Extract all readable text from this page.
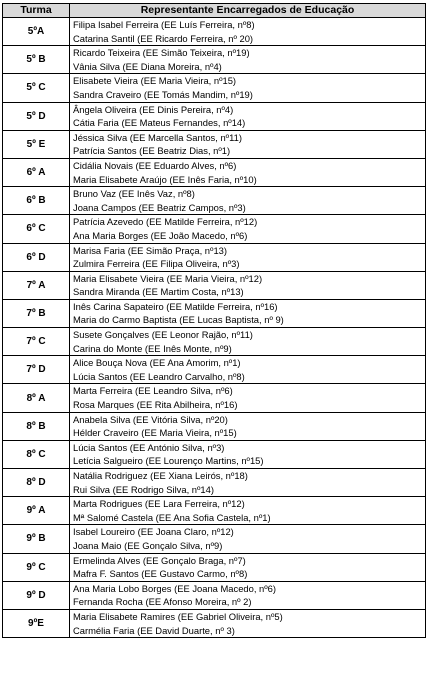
Turma	Representante Encarregados de Educação
5ºA	Filipa Isabel Ferreira (EE Luís Ferreira, nº8)
Catarina Santil (EE Ricardo Ferreira, nº 20)

5º B	Ricardo Teixeira (EE Simão Teixeira, nº19)
Vânia Silva (EE Diana Moreira, nº4)

5º C	Elisabete Vieira (EE Maria Vieira, nº15)
Sandra Craveiro (EE Tomás Mandim, nº19)

5º D	Ângela Oliveira (EE Dinis Pereira, nº4)
Cátia Faria (EE Mateus Fernandes, nº14)

5º E	Jéssica Silva (EE Marcella Santos, nº11)
Patrícia Santos (EE Beatriz Dias, nº1)

6º A	Cidália Novais (EE Eduardo Alves, nº6)
Maria Elisabete Araújo (EE Inês Faria, nº10)

6º B	Bruno Vaz (EE Inês Vaz, nº8)
Joana Campos (EE Beatriz Campos, nº3)

6º C	Patrícia Azevedo (EE Matilde Ferreira, nº12)
Ana Maria Borges (EE João Macedo, nº6)

6º D	Marisa Faria (EE Simão Praça, nº13)
Zulmira Ferreira (EE Filipa Oliveira, nº3)

7º A	Maria Elisabete Vieira (EE Maria Vieira, nº12)
Sandra Miranda (EE Martim Costa, nº13)

7º B	Inês Carina Sapateiro (EE Matilde Ferreira, nº16)
Maria do Carmo Baptista (EE Lucas Baptista, nº 9)

7º C	Susete Gonçalves (EE Leonor Rajão, nº11)
Carina do Monte (EE Inês Monte, nº9)

7º D	Alice Bouça Nova (EE Ana Amorim, nº1)
Lúcia Santos (EE Leandro Carvalho, nº8)

8º A	Marta Ferreira (EE Leandro Silva, nº6)
Rosa Marques (EE Rita Abilheira, nº16)

8º B	Anabela Silva (EE Vitória Silva, nº20)
Hélder Craveiro (EE Maria Vieira, nº15)

8º C	Lúcia Santos (EE António Silva, nº3)
Letícia Salgueiro (EE Lourenço Martins, nº15)

8º D	Natália Rodriguez (EE Xiana Leirós, nº18)
Rui Silva (EE Rodrigo Silva, nº14)

9º A	Marta Rodrigues (EE Lara Ferreira, nº12)
Mª Salomé Castela (EE Ana Sofia Castela, nº1)

9º B	Isabel Loureiro (EE Joana Claro, nº12)
Joana Maio (EE Gonçalo Silva, nº9)

9º C	Ermelinda Alves (EE Gonçalo Braga, nº7)
Mafra F. Santos (EE Gustavo Carmo, nº8)

9º D	Ana Maria Lobo Borges (EE Joana Macedo, nº6)
Fernanda Rocha (EE Afonso Moreira, nº 2)

9ºE	Maria Elisabete Ramires (EE Gabriel Oliveira, nº5)
Carmélia Faria (EE David Duarte, nº 3)
